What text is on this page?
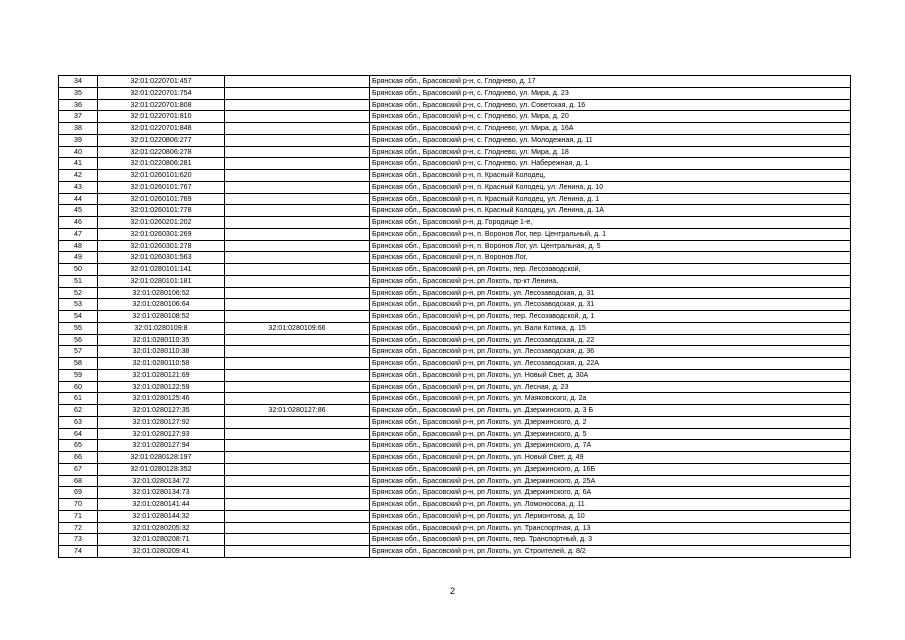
34	32:01:0220701:457		Брянская обл., Брасовский р-н, с. Глоднево, д. 17
35	32:01:0220701:754		Брянская обл., Брасовский р-н, с. Глоднево, ул. Мира, д. 23
36	32:01:0220701:808		Брянская обл., Брасовский р-н, с. Глоднево, ул. Советская, д. 16
37	32:01:0220701:810		Брянская обл., Брасовский р-н, с. Глоднево, ул. Мира, д. 20
38	32:01:0220701:848		Брянская обл., Брасовский р-н, с. Глоднево, ул. Мира, д. 16А
39	32:01:0220806:277		Брянская обл., Брасовский р-н, с. Глоднево, ул. Молодежная, д. 11
40	32:01:0220806:278		Брянская обл., Брасовский р-н, с. Глоднево, ул. Мира, д. 18
41	32:01:0220806:281		Брянская обл., Брасовский р-н, с. Глоднево, ул. Набережная, д. 1
42	32:01:0260101:620		Брянская обл., Брасовский р-н, п. Красный Колодец,
43	32:01:0260101:767		Брянская обл., Брасовский р-н, п. Красный Колодец, ул. Ленина, д. 10
44	32:01:0260101:769		Брянская обл., Брасовский р-н, п. Красный Колодец, ул. Ленина, д. 1
45	32:01:0260101:778		Брянская обл., Брасовский р-н, п. Красный Колодец, ул. Ленина, д. 1А
46	32:01:0260201:202		Брянская обл., Брасовский р-н, д. Городище 1-е,
47	32:01:0260301:269		Брянская обл., Брасовский р-н, п. Воронов Лог, пер. Центральный, д. 1
48	32:01:0260301:278		Брянская обл., Брасовский р-н, п. Воронов Лог, ул. Центральная, д. 5
49	32:01:0260301:563		Брянская обл., Брасовский р-н, п. Воронов Лог,
50	32:01:0280101:141		Брянская обл., Брасовский р-н, рп Локоть, пер. Лесозаводской,
51	32:01:0280101:181		Брянская обл., Брасовский р-н, рп Локоть, пр-кт Ленина,
52	32:01:0280106:52		Брянская обл., Брасовский р-н, рп Локоть, ул. Лесозаводская, д. 31
53	32:01:0280106:64		Брянская обл., Брасовский р-н, рп Локоть, ул. Лесозаводская, д. 31
54	32:01:0280108:52		Брянская обл., Брасовский р-н, рп Локоть, пер. Лесозаводской, д. 1
55	32:01:0280109:8	32:01:0280109:66	Брянская обл., Брасовский р-н, рп Локоть, ул. Вали Котика, д. 15
56	32:01:0280110:35		Брянская обл., Брасовский р-н, рп Локоть, ул. Лесозаводская, д. 22
57	32:01:0280110:38		Брянская обл., Брасовский р-н, рп Локоть, ул. Лесозаводская, д. 36
58	32:01:0280110:58		Брянская обл., Брасовский р-н, рп Локоть, ул. Лесозаводская, д. 22А
59	32:01:0280121:69		Брянская обл., Брасовский р-н, рп Локоть, ул. Новый Свет, д. 30А
60	32:01:0280122:59		Брянская обл., Брасовский р-н, рп Локоть, ул. Лесная, д. 23
61	32:01:0280125:46		Брянская обл., Брасовский р-н, рп Локоть, ул. Маяковского, д. 2а
62	32:01:0280127:35	32:01:0280127:86	Брянская обл., Брасовский р-н, рп Локоть, ул. Дзержинского, д. 3 Б
63	32:01:0280127:92		Брянская обл., Брасовский р-н, рп Локоть, ул. Дзержинского, д. 2
64	32:01:0280127:93		Брянская обл., Брасовский р-н, рп Локоть, ул. Дзержинского, д. 5
65	32:01:0280127:94		Брянская обл., Брасовский р-н, рп Локоть, ул. Дзержинского, д. 7А
66	32:01:0280128:197		Брянская обл., Брасовский р-н, рп Локоть, ул. Новый Свет, д. 49
67	32:01:0280128:352		Брянская обл., Брасовский р-н, рп Локоть, ул. Дзержинского, д. 16Б
68	32:01:0280134:72		Брянская обл., Брасовский р-н, рп Локоть, ул. Дзержинского, д. 25А
69	32:01:0280134:73		Брянская обл., Брасовский р-н, рп Локоть, ул. Дзержинского, д. 6А
70	32:01:0280141:44		Брянская обл., Брасовский р-н, рп Локоть, ул. Ломоносова, д. 11
71	32:01:0280144:32		Брянская обл., Брасовский р-н, рп Локоть, ул. Лермонтова, д. 10
72	32:01:0280205:32		Брянская обл., Брасовский р-н, рп Локоть, ул. Транспортная, д. 13
73	32:01:0280208:71		Брянская обл., Брасовский р-н, рп Локоть, пер. Транспортный, д. 3
74	32:01:0280209:41		Брянская обл., Брасовский р-н, рп Локоть, ул. Строителей, д. 8/2
2
